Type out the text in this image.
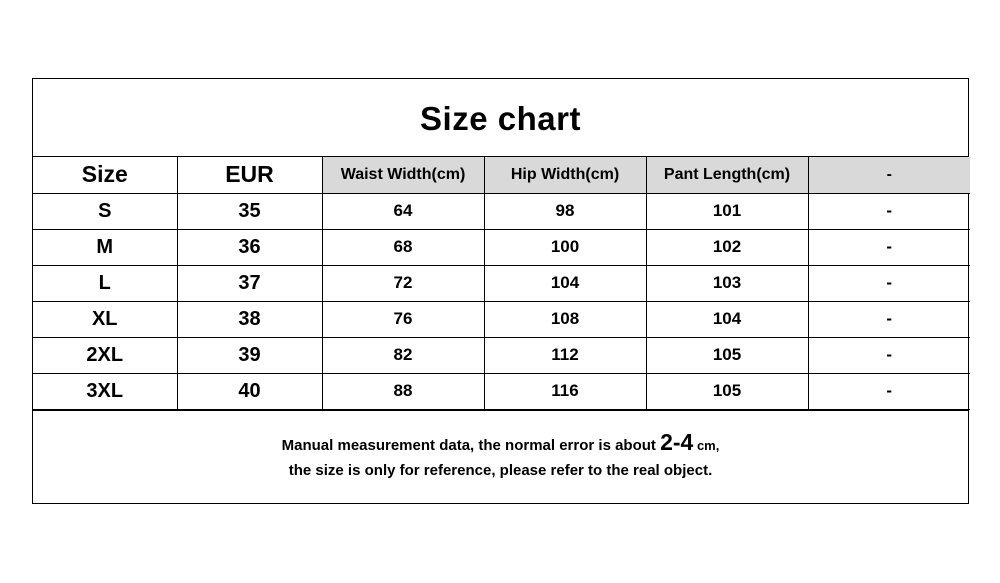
Size chart
Size	EUR	Waist Width(cm)	Hip Width(cm)	Pant Length(cm)	-
S	35	64	98	101	-
M	36	68	100	102	-
L	37	72	104	103	-
XL	38	76	108	104	-
2XL	39	82	112	105	-
3XL	40	88	116	105	-
Manual measurement data, the normal error is about 2-4 cm,
the size is only for reference, please refer to the real object.
